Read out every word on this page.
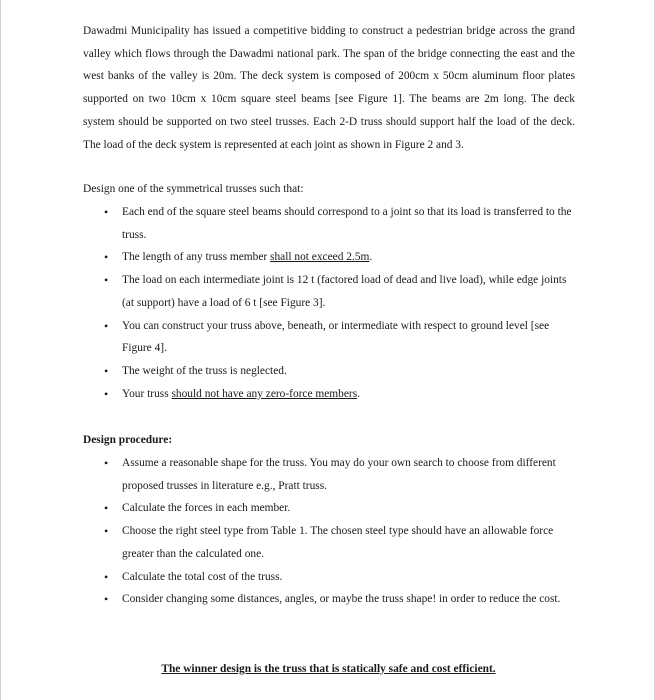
Dawadmi Municipality has issued a competitive bidding to construct a pedestrian bridge across the grand valley which flows through the Dawadmi national park. The span of the bridge connecting the east and the west banks of the valley is 20m. The deck system is composed of 200cm x 50cm aluminum floor plates supported on two 10cm x 10cm square steel beams [see Figure 1]. The beams are 2m long. The deck system should be supported on two steel trusses. Each 2-D truss should support half the load of the deck. The load of the deck system is represented at each joint as shown in Figure 2 and 3.

Design one of the symmetrical trusses such that:

• Each end of the square steel beams should correspond to a joint so that its load is transferred to the truss.
• The length of any truss member shall not exceed 2.5m.
• The load on each intermediate joint is 12 t (factored load of dead and live load), while edge joints (at support) have a load of 6 t [see Figure 3].
• You can construct your truss above, beneath, or intermediate with respect to ground level [see Figure 4].
• The weight of the truss is neglected.
• Your truss should not have any zero-force members.

Design procedure:

• Assume a reasonable shape for the truss. You may do your own search to choose from different proposed trusses in literature e.g., Pratt truss.
• Calculate the forces in each member.
• Choose the right steel type from Table 1. The chosen steel type should have an allowable force greater than the calculated one.
• Calculate the total cost of the truss.
• Consider changing some distances, angles, or maybe the truss shape! in order to reduce the cost.

The winner design is the truss that is statically safe and cost efficient.
